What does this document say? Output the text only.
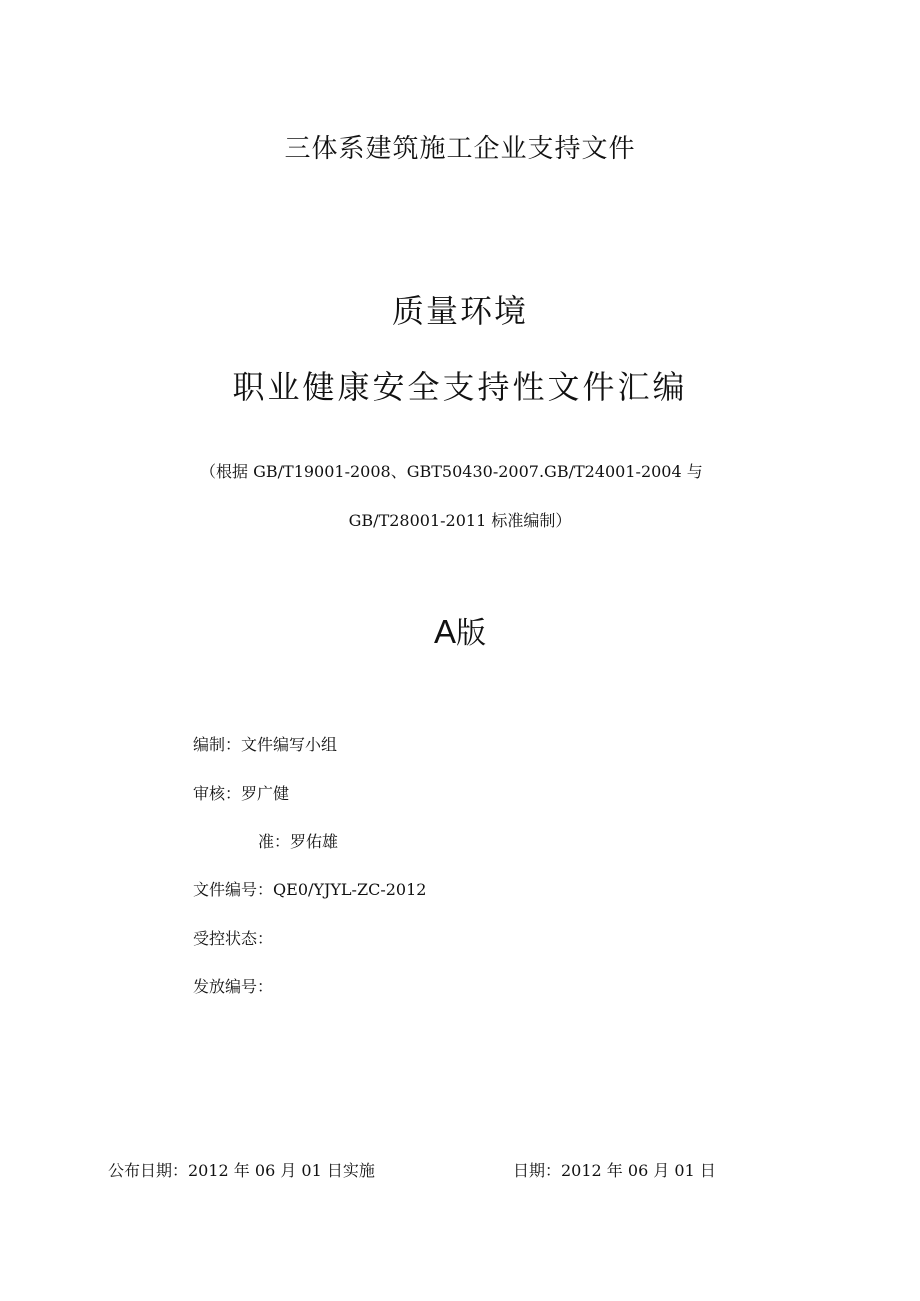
三体系建筑施工企业支持文件
质量环境
职业健康安全支持性文件汇编
（根据 GB/T19001-2008、GBT50430-2007.GB/T24001-2004 与
GB/T28001-2011 标准编制）
A版
编制：文件编写小组
审核：罗广健
准：罗佑雄
文件编号：QE0/YJYL-ZC-2012
受控状态：
发放编号：
公布日期：2012 年 06 月 01 日实施	日期：2012 年 06 月 01 日
